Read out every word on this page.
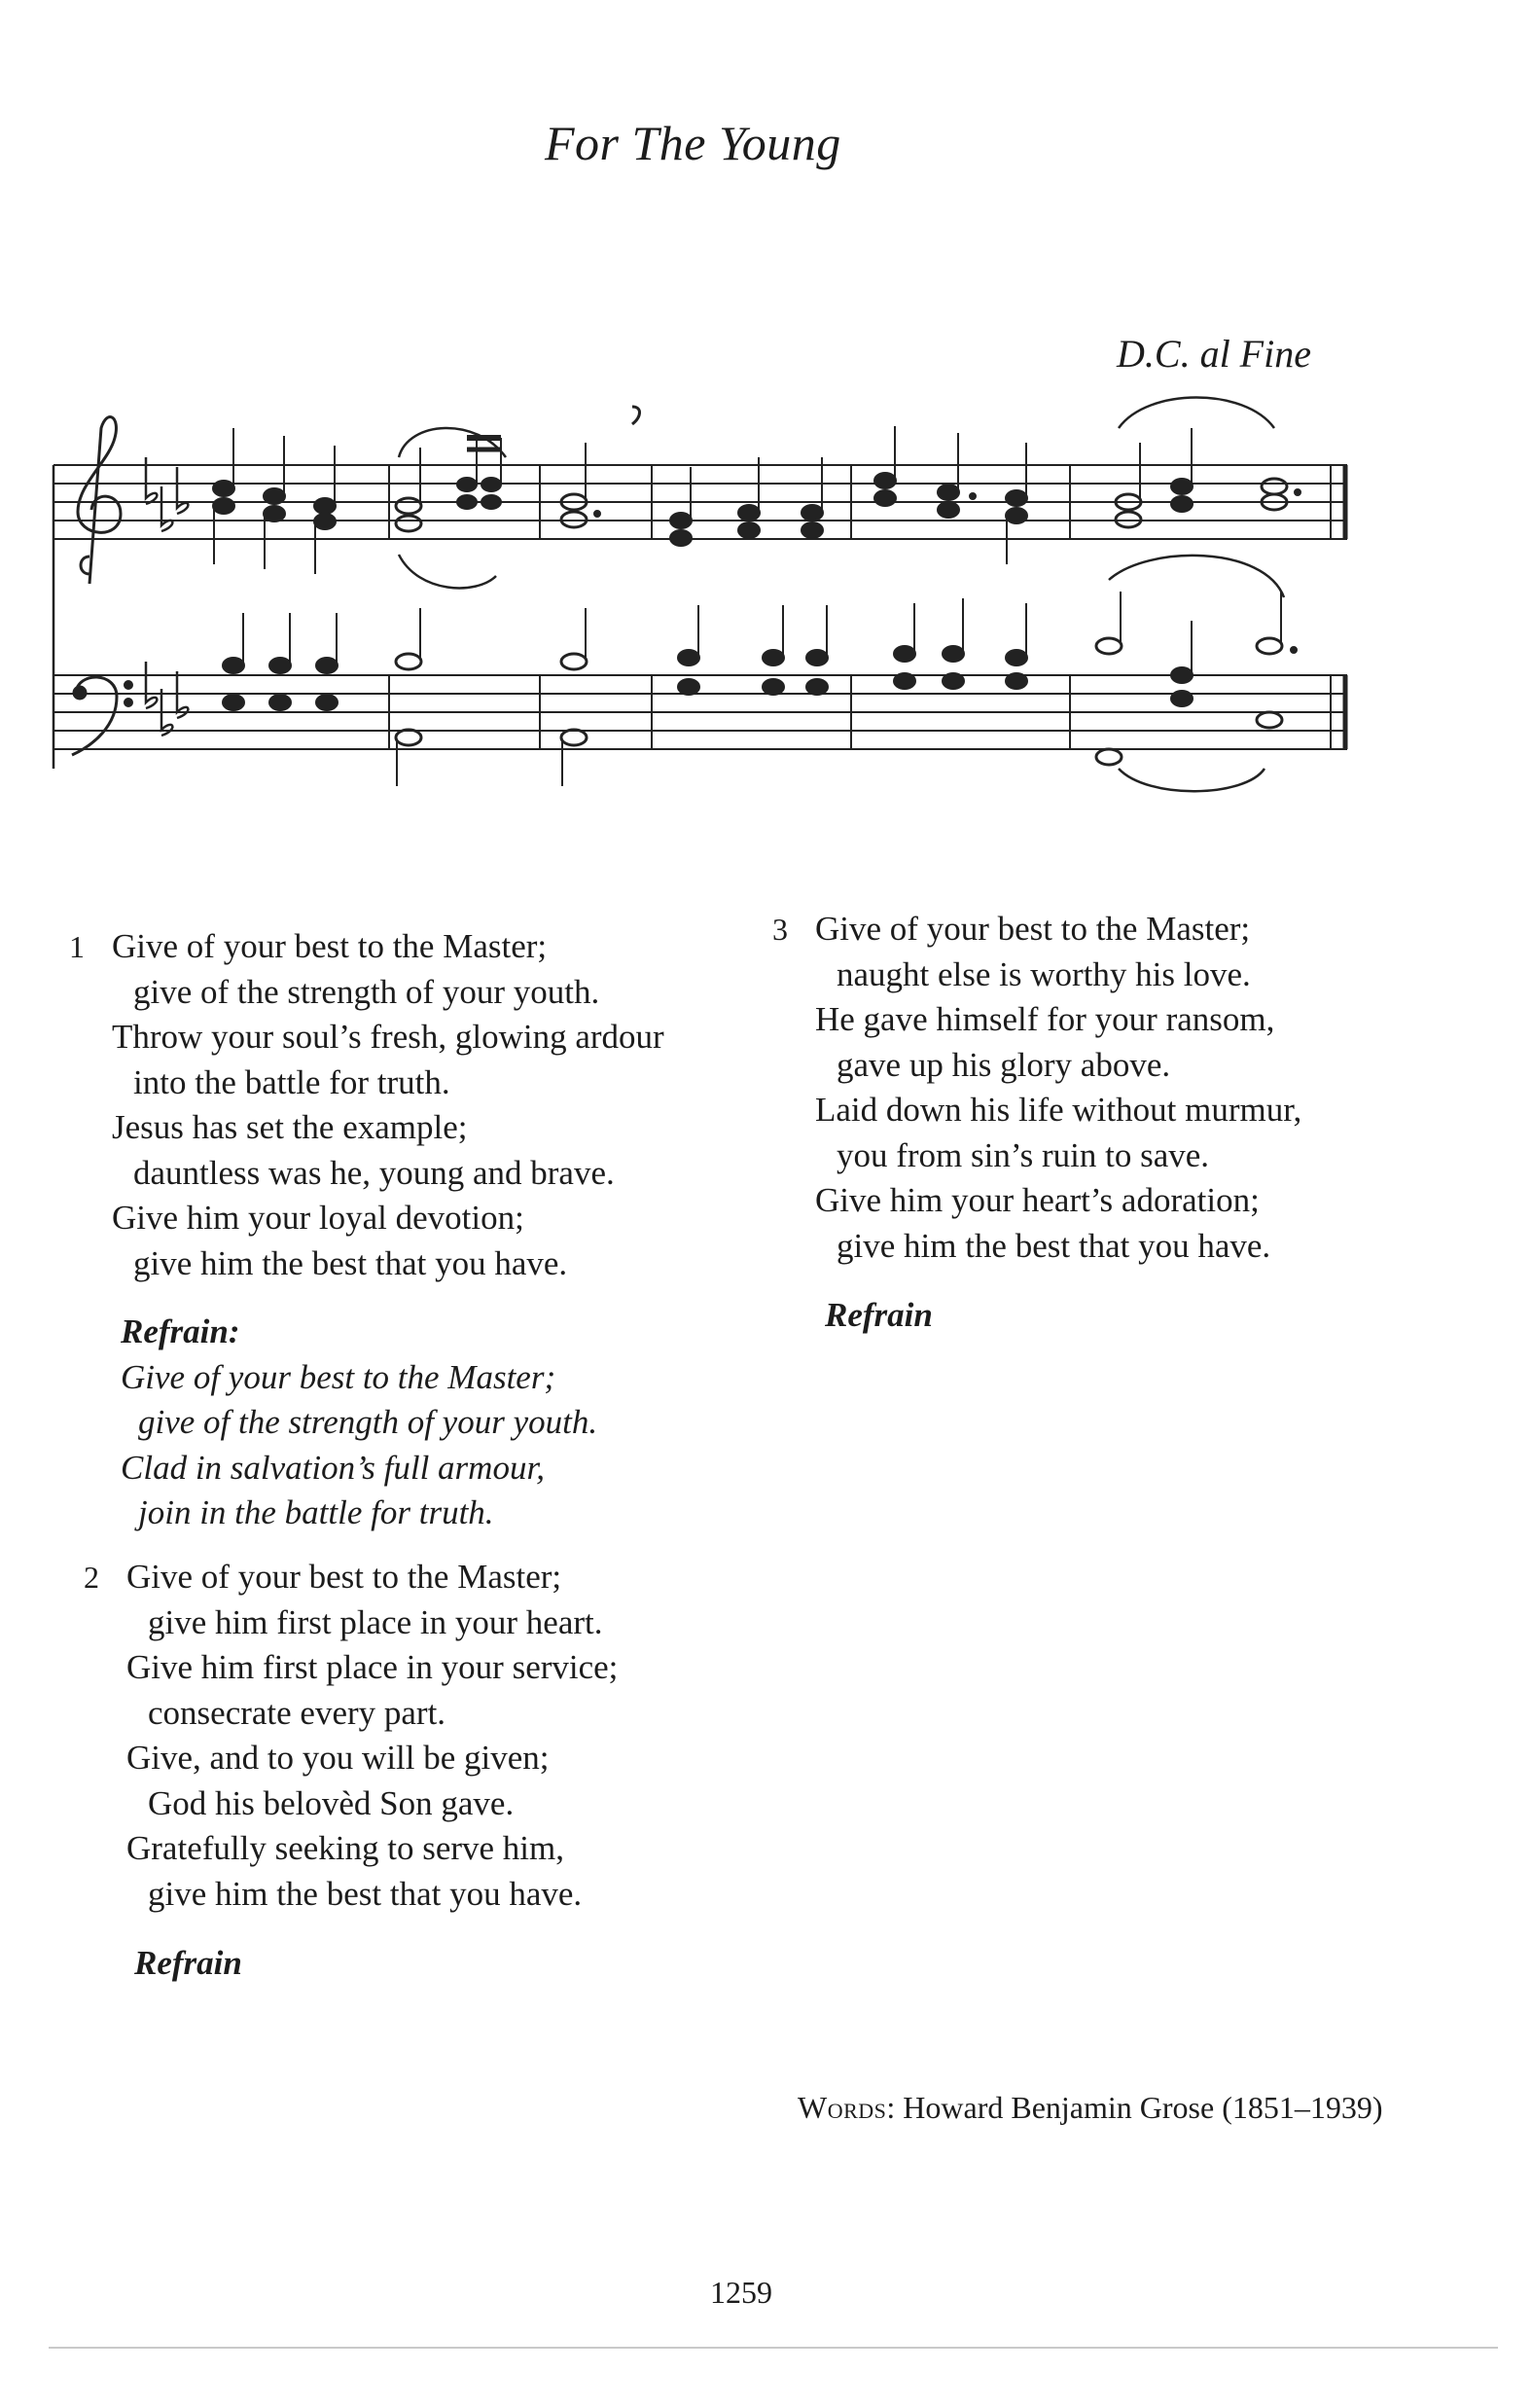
For The Young
D.C. al Fine
1 Give of your best to the Master;
give of the strength of your youth.
Throw your soul’s fresh, glowing ardour
into the battle for truth.
Jesus has set the example;
dauntless was he, young and brave.
Give him your loyal devotion;
give him the best that you have.
Refrain:
Give of your best to the Master;
give of the strength of your youth.
Clad in salvation’s full armour,
join in the battle for truth.
2 Give of your best to the Master;
give him first place in your heart.
Give him first place in your service;
consecrate every part.
Give, and to you will be given;
God his belovèd Son gave.
Gratefully seeking to serve him,
give him the best that you have.
Refrain
3 Give of your best to the Master;
naught else is worthy his love.
He gave himself for your ransom,
gave up his glory above.
Laid down his life without murmur,
you from sin’s ruin to save.
Give him your heart’s adoration;
give him the best that you have.
Refrain
Words: Howard Benjamin Grose (1851–1939)
1259
